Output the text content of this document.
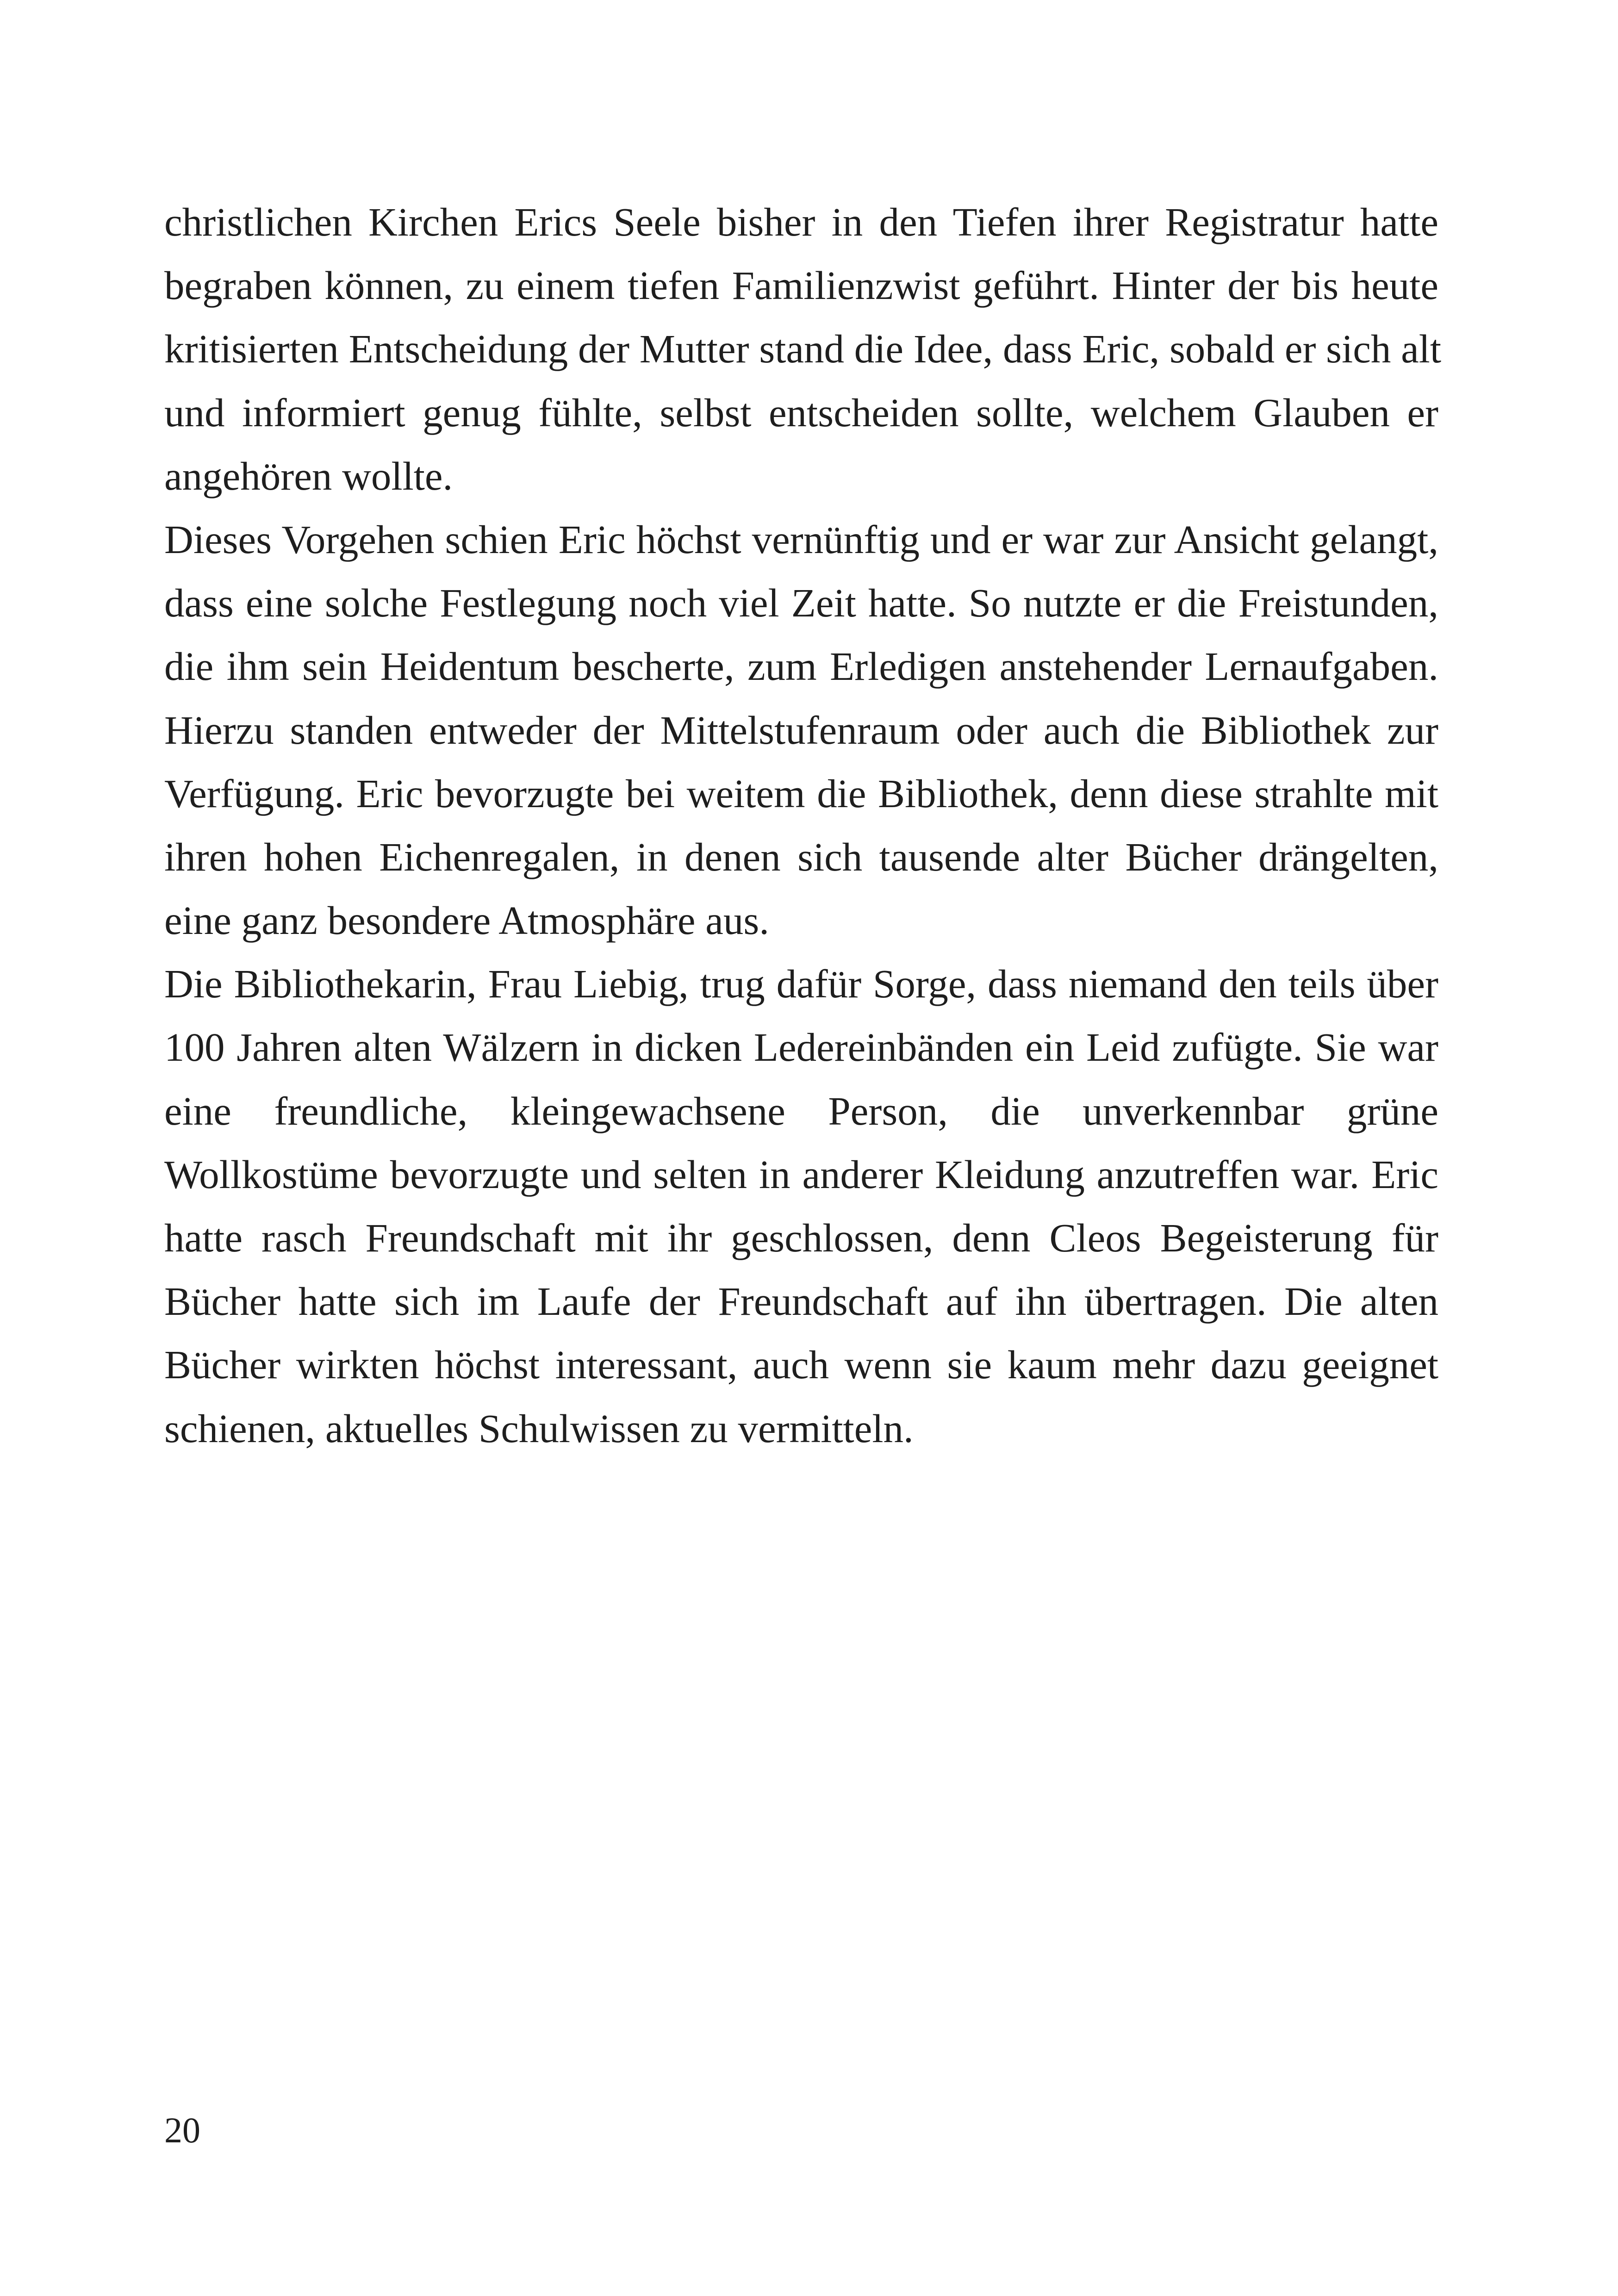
christlichen Kirchen Erics Seele bisher in den Tiefen ihrer Registratur hatte
begraben können, zu einem tiefen Familienzwist geführt. Hinter der bis heute
kritisierten Entscheidung der Mutter stand die Idee, dass Eric, sobald er sich alt
und informiert genug fühlte, selbst entscheiden sollte, welchem Glauben er
angehören wollte.
Dieses Vorgehen schien Eric höchst vernünftig und er war zur Ansicht gelangt,
dass eine solche Festlegung noch viel Zeit hatte. So nutzte er die Freistunden,
die ihm sein Heidentum bescherte, zum Erledigen anstehender Lernaufgaben.
Hierzu standen entweder der Mittelstufenraum oder auch die Bibliothek zur
Verfügung. Eric bevorzugte bei weitem die Bibliothek, denn diese strahlte mit
ihren hohen Eichenregalen, in denen sich tausende alter Bücher drängelten,
eine ganz besondere Atmosphäre aus.
Die Bibliothekarin, Frau Liebig, trug dafür Sorge, dass niemand den teils über
100 Jahren alten Wälzern in dicken Ledereinbänden ein Leid zufügte. Sie war
eine freundliche, kleingewachsene Person, die unverkennbar grüne
Wollkostüme bevorzugte und selten in anderer Kleidung anzutreffen war. Eric
hatte rasch Freundschaft mit ihr geschlossen, denn Cleos Begeisterung für
Bücher hatte sich im Laufe der Freundschaft auf ihn übertragen. Die alten
Bücher wirkten höchst interessant, auch wenn sie kaum mehr dazu geeignet
schienen, aktuelles Schulwissen zu vermitteln.
20
